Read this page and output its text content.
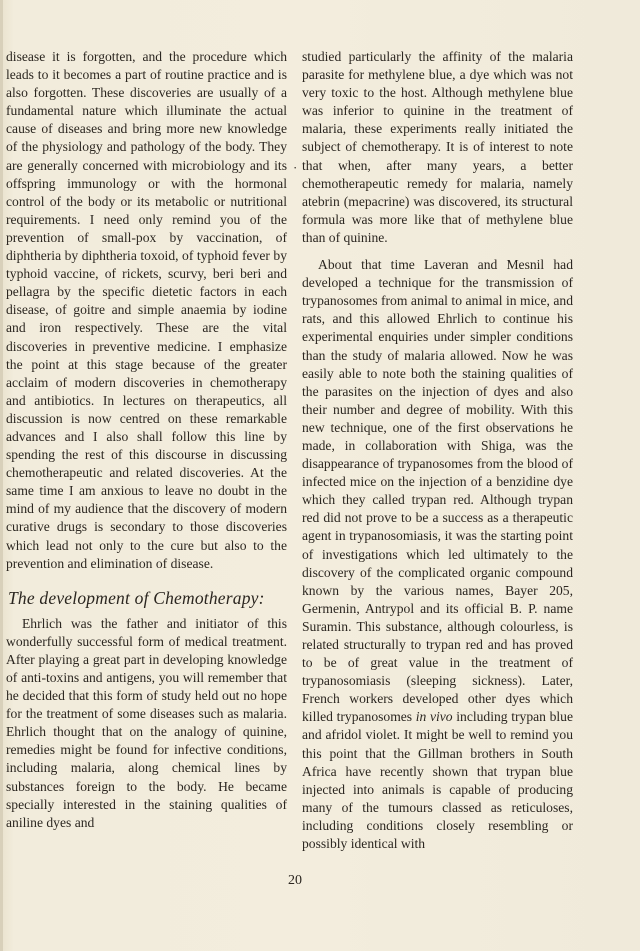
disease it is forgotten, and the procedure which leads to it becomes a part of routine practice and is also forgotten. These discoveries are usually of a fundamental nature which illuminate the actual cause of diseases and bring more new knowledge of the physiology and pathology of the body. They are generally concerned with microbiology and its offspring immunology or with the hormonal control of the body or its metabolic or nutritional requirements. I need only remind you of the prevention of small-pox by vaccination, of diphtheria by diphtheria toxoid, of typhoid fever by typhoid vaccine, of rickets, scurvy, beri beri and pellagra by the specific dietetic factors in each disease, of goitre and simple anaemia by iodine and iron respectively. These are the vital discoveries in preventive medicine. I emphasize the point at this stage because of the greater acclaim of modern discoveries in chemotherapy and antibiotics. In lectures on therapeutics, all discussion is now centred on these remarkable advances and I also shall follow this line by spending the rest of this discourse in discussing chemotherapeutic and related discoveries. At the same time I am anxious to leave no doubt in the mind of my audience that the discovery of modern curative drugs is secondary to those discoveries which lead not only to the cure but also to the prevention and elimination of disease.

The development of Chemotherapy:

Ehrlich was the father and initiator of this wonderfully successful form of medical treatment. After playing a great part in developing knowledge of anti-toxins and antigens, you will remember that he decided that this form of study held out no hope for the treatment of some diseases such as malaria. Ehrlich thought that on the analogy of quinine, remedies might be found for infective conditions, including malaria, along chemical lines by substances foreign to the body. He became specially interested in the staining qualities of aniline dyes and

·

studied particularly the affinity of the malaria parasite for methylene blue, a dye which was not very toxic to the host. Although methylene blue was inferior to quinine in the treatment of malaria, these experiments really initiated the subject of chemotherapy. It is of interest to note that when, after many years, a better chemotherapeutic remedy for malaria, namely atebrin (mepacrine) was discovered, its structural formula was more like that of methylene blue than of quinine.

About that time Laveran and Mesnil had developed a technique for the transmission of trypanosomes from animal to animal in mice, and rats, and this allowed Ehrlich to continue his experimental enquiries under simpler conditions than the study of malaria allowed. Now he was easily able to note both the staining qualities of the parasites on the injection of dyes and also their number and degree of mobility. With this new technique, one of the first observations he made, in collaboration with Shiga, was the disappearance of trypanosomes from the blood of infected mice on the injection of a benzidine dye which they called trypan red. Although trypan red did not prove to be a success as a therapeutic agent in trypanosomiasis, it was the starting point of investigations which led ultimately to the discovery of the complicated organic compound known by the various names, Bayer 205, Germenin, Antrypol and its official B. P. name Suramin. This substance, although colourless, is related structurally to trypan red and has proved to be of great value in the treatment of trypanosomiasis (sleeping sickness). Later, French workers developed other dyes which killed trypanosomes in vivo including trypan blue and afridol violet. It might be well to remind you this point that the Gillman brothers in South Africa have recently shown that trypan blue injected into animals is capable of producing many of the tumours classed as reticuloses, including conditions closely resembling or possibly identical with

20
